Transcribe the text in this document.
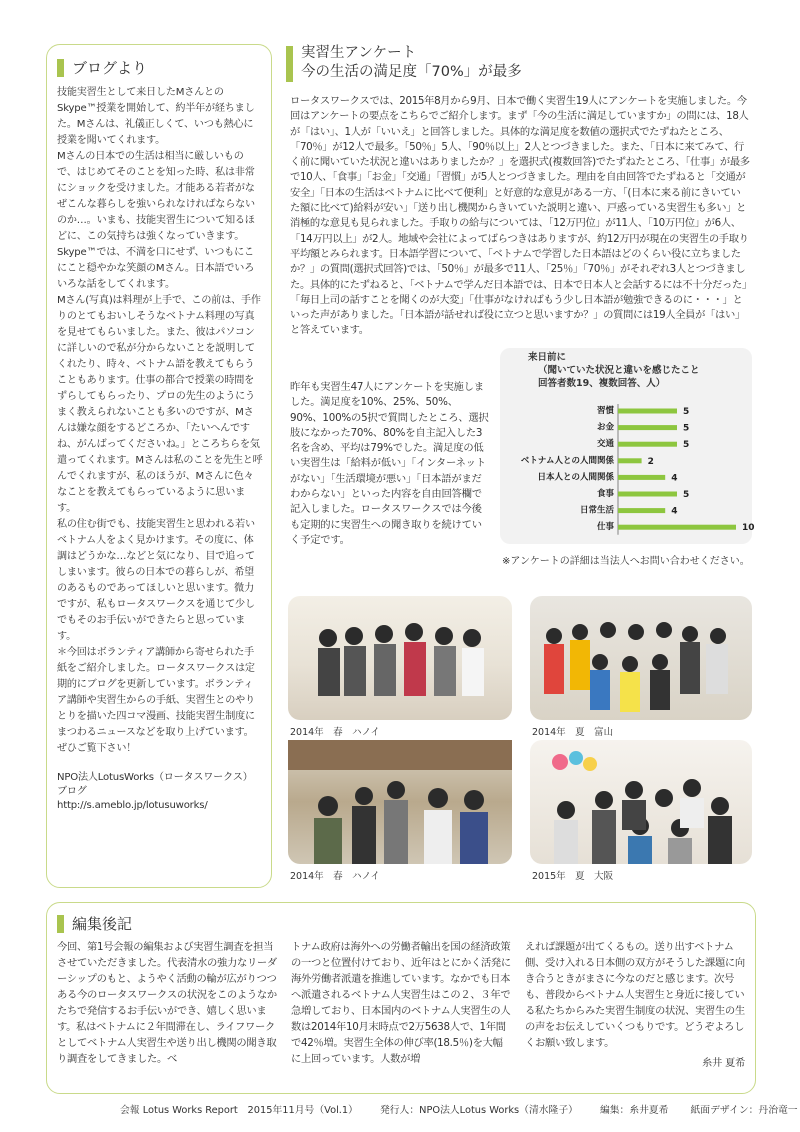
ブログより

技能実習生として来日したMさんとのSkype™授業を開始して、約半年が経ちました。Mさんは、礼儀正しくて、いつも熱心に授業を聞いてくれます。

Mさんの日本での生活は相当に厳しいもので、はじめてそのことを知った時、私は非常にショックを受けました。才能ある若者がなぜこんな暮らしを強いられなければならないのか…。いまも、技能実習生について知るほどに、この気持ちは強くなっていきます。Skype™では、不満を口にせず、いつもにこにこと穏やかな笑顔のMさん。日本語でいろいろな話をしてくれます。

Mさん(写真)は料理が上手で、この前は、手作りのとてもおいしそうなベトナム料理の写真を見せてもらいました。また、彼はパソコンに詳しいので私が分からないことを説明してくれたり、時々、ベトナム語を教えてもらうこともあります。仕事の都合で授業の時間をずらしてもらったり、プロの先生のようにうまく教えられないことも多いのですが、Mさんは嫌な顔をするどころか、「たいへんですね、がんばってくださいね。」ところちらを気遣ってくれます。Mさんは私のことを先生と呼んでくれますが、私のほうが、Mさんに色々なことを教えてもらっているように思います。

私の住む街でも、技能実習生と思われる若いベトナム人をよく見かけます。その度に、体調はどうかな…などと気になり、目で追ってしまいます。彼らの日本での暮らしが、希望のあるものであってほしいと思います。微力ですが、私もロータスワークスを通じて少しでもそのお手伝いができたらと思っています。

＊今回はボランティア講師から寄せられた手紙をご紹介しました。ロータスワークスは定期的にブログを更新しています。ボランティア講師や実習生からの手紙、実習生とのやりとりを描いた四コマ漫画、技能実習生制度にまつわるニュースなどを取り上げています。ぜひご覧下さい！

NPO法人LotusWorks（ロータスワークス）
ブログ
http://s.ameblo.jp/lotusuworks/

実習生アンケート
今の生活の満足度「70%」が最多
ロータスワークスでは、2015年8月から9月、日本で働く実習生19人にアンケートを実施しました。今回はアンケートの要点をこちらでご紹介します。まず「今の生活に満足していますか」の問には、18人が「はい」、1人が「いいえ」と回答しました。具体的な満足度を数値の選択式でたずねたところ、「70％」が12人で最多。「50％」5人、「90％以上」2人とつづきました。また、「日本に来てみて、行く前に聞いていた状況と違いはありましたか？」を選択式(複数回答)でたずねたところ、「仕事」が最多で10人、「食事」「お金」「交通」「習慣」が5人とつづきました。理由を自由回答でたずねると「交通が安全」「日本の生活はベトナムに比べて便利」と好意的な意見がある一方、「(日本に来る前にきいていた額に比べて)給料が安い」「送り出し機関からきいていた説明と違い、戸惑っている実習生も多い」と消極的な意見も見られました。手取りの給与については、「12万円位」が11人、「10万円位」が6人、「14万円以上」が2人。地域や会社によってばらつきはありますが、約12万円が現在の実習生の手取り平均額とみられます。日本語学習について、「ベトナムで学習した日本語はどのくらい役に立ちましたか？」の質問(選択式回答)では、「50％」が最多で11人、「25％」「70％」がそれぞれ3人とつづきました。具体的にたずねると、「ベトナムで学んだ日本語では、日本で日本人と会話するには不十分だった」「毎日上司の話すことを聞くのが大変」「仕事がなければもう少し日本語が勉強できるのに・・・」といった声がありました。「日本語が話せれば役に立つと思いますか？」の質問には19人全員が「はい」と答えています。
昨年も実習生47人にアンケートを実施しました。満足度を10%、25%、50%、90%、100%の5択で質問したところ、選択肢になかった70%、80%を自主記入した3名を含め、平均は79%でした。満足度の低い実習生は「給料が低い」「インターネットがない」「生活環境が悪い」「日本語がまだわからない」といった内容を自由回答欄で記入しました。ロータスワークスでは今後も定期的に実習生への聞き取りを続けていく予定です。
来日前に
（聞いていた状況と違いを感じたこと
回答者数19、複数回答、人）
習慣	5
お金	5
交通	5
ベトナム人との人間関係	2
日本人との人間関係	4
食事	5
日常生活	4
仕事	10
※アンケートの詳細は当法人へお問い合わせください。
2014年　春　ハノイ	2014年　夏　富山
2014年　春　ハノイ	2015年　夏　大阪
編集後記
今回、第1号会報の編集および実習生調査を担当させていただきました。代表清水の強力なリーダーシップのもと、ようやく活動の輪が広がりつつある今のロータスワークスの状況をこのようなかたちで発信するお手伝いができ、嬉しく思います。私はベトナムに２年間滞在し、ライフワークとしてベトナム人実習生や送り出し機関の聞き取り調査をしてきました。べ
トナム政府は海外への労働者輸出を国の経済政策の一つと位置付けており、近年はとにかく活発に海外労働者派遣を推進しています。なかでも日本へ派遣されるベトナム人実習生はこの２、３年で急増しており、日本国内のベトナム人実習生の人数は2014年10月末時点で2万5638人で、1年間で42％増。実習生全体の伸び率(18.5％)を大幅に上回っています。人数が増
えれば課題が出てくるもの。送り出すベトナム側、受け入れる日本側の双方がそうした課題に向き合うときがまさに今なのだと感じます。次号も、普段からベトナム人実習生と身近に接している私たちからみた実習生制度の状況、実習生の生の声をお伝えしていくつもりです。どうぞよろしくお願い致します。
糸井 夏希
会報 Lotus Works Report　2015年11月号（Vol.1） 発行人：NPO法人Lotus Works（清水隆子） 編集：糸井夏希 紙面デザイン：丹治竜一
